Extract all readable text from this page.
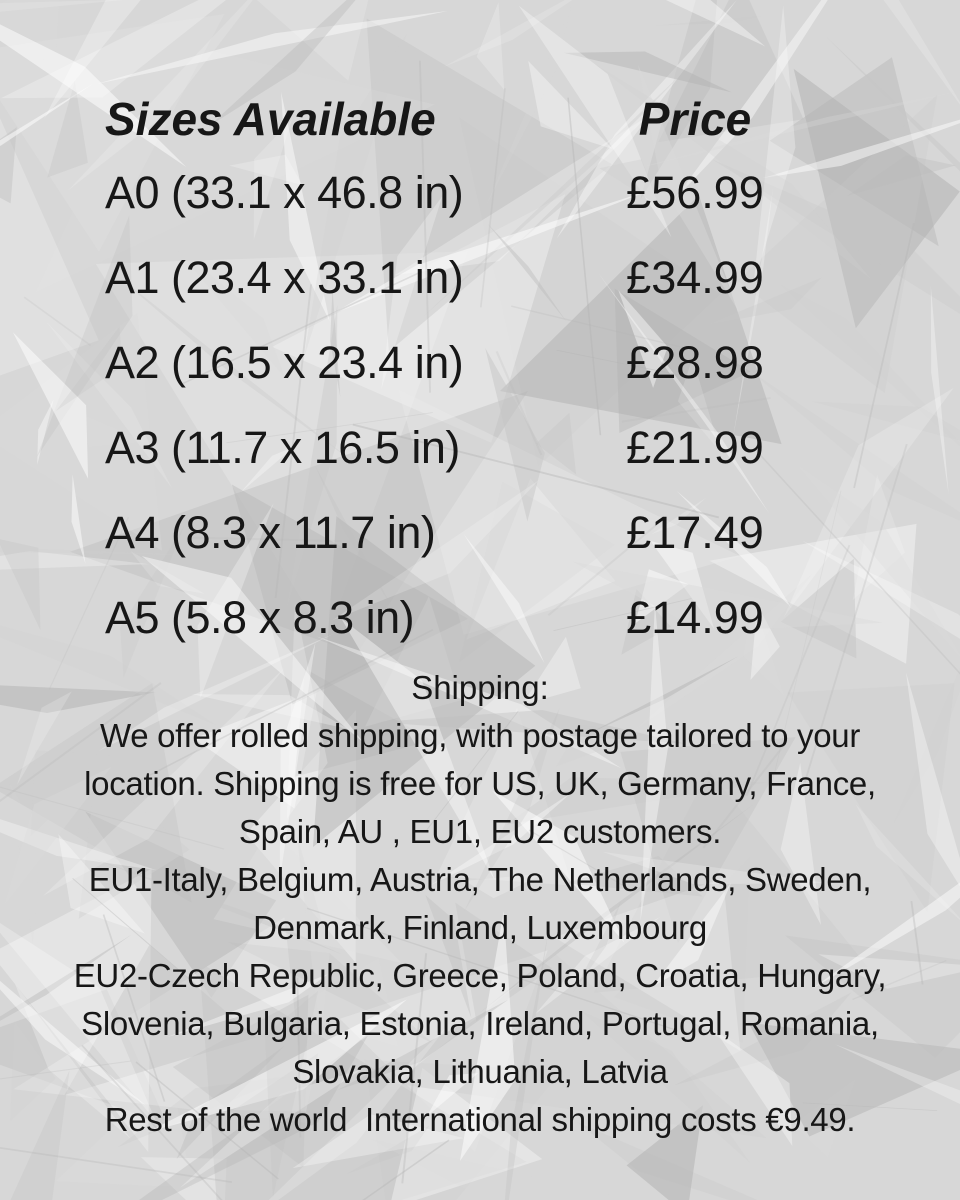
Sizes Available	Price
A0 (33.1 x 46.8 in)	£56.99
A1 (23.4 x 33.1 in)	£34.99
A2 (16.5 x 23.4 in)	£28.98
A3 (11.7 x 16.5 in)	£21.99
A4 (8.3 x 11.7 in)	£17.49
A5 (5.8 x 8.3 in)	£14.99
Shipping:
We offer rolled shipping, with postage tailored to your
location. Shipping is free for US, UK, Germany, France,
Spain, AU , EU1, EU2 customers.
EU1-Italy, Belgium, Austria, The Netherlands, Sweden,
Denmark, Finland, Luxembourg
EU2-Czech Republic, Greece, Poland, Croatia, Hungary,
Slovenia, Bulgaria, Estonia, Ireland, Portugal, Romania,
Slovakia, Lithuania, Latvia
Rest of the world  International shipping costs €9.49.
